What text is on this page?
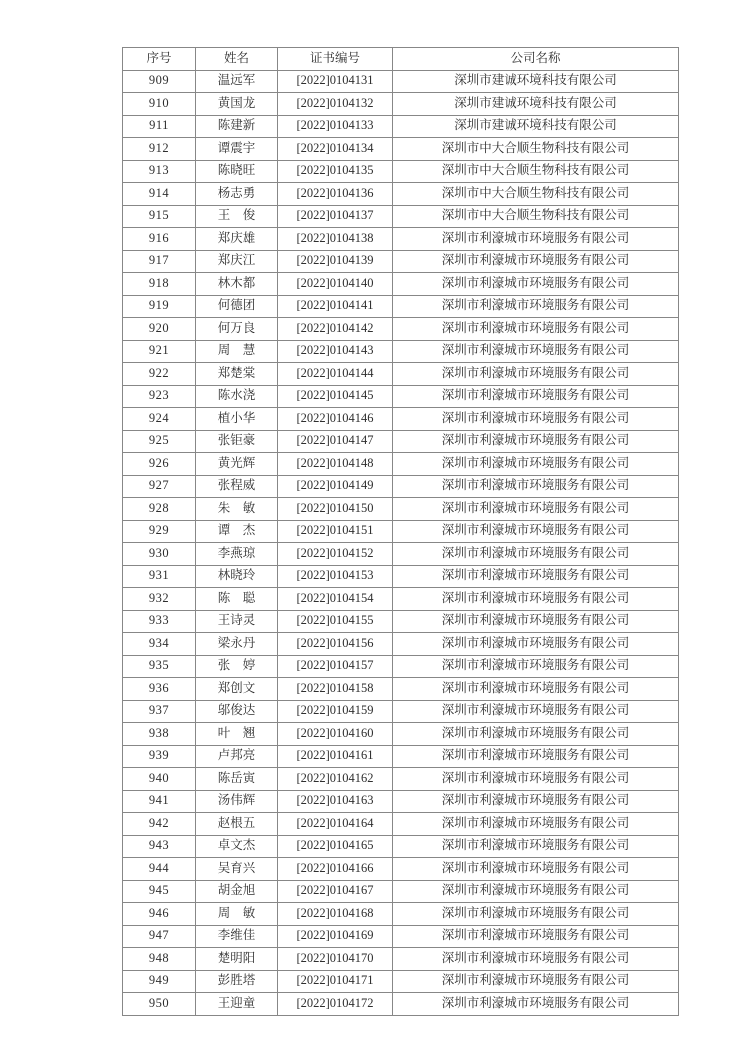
序号	姓名	证书编号	公司名称
909	温远军	[2022]0104131	深圳市建诚环境科技有限公司
910	黄国龙	[2022]0104132	深圳市建诚环境科技有限公司
911	陈建新	[2022]0104133	深圳市建诚环境科技有限公司
912	谭震宇	[2022]0104134	深圳市中大合顺生物科技有限公司
913	陈晓旺	[2022]0104135	深圳市中大合顺生物科技有限公司
914	杨志勇	[2022]0104136	深圳市中大合顺生物科技有限公司
915	王　俊	[2022]0104137	深圳市中大合顺生物科技有限公司
916	郑庆雄	[2022]0104138	深圳市利濠城市环境服务有限公司
917	郑庆江	[2022]0104139	深圳市利濠城市环境服务有限公司
918	林木都	[2022]0104140	深圳市利濠城市环境服务有限公司
919	何德团	[2022]0104141	深圳市利濠城市环境服务有限公司
920	何万良	[2022]0104142	深圳市利濠城市环境服务有限公司
921	周　慧	[2022]0104143	深圳市利濠城市环境服务有限公司
922	郑楚棠	[2022]0104144	深圳市利濠城市环境服务有限公司
923	陈水浇	[2022]0104145	深圳市利濠城市环境服务有限公司
924	植小华	[2022]0104146	深圳市利濠城市环境服务有限公司
925	张钜豪	[2022]0104147	深圳市利濠城市环境服务有限公司
926	黄光辉	[2022]0104148	深圳市利濠城市环境服务有限公司
927	张程威	[2022]0104149	深圳市利濠城市环境服务有限公司
928	朱　敏	[2022]0104150	深圳市利濠城市环境服务有限公司
929	谭　杰	[2022]0104151	深圳市利濠城市环境服务有限公司
930	李燕琼	[2022]0104152	深圳市利濠城市环境服务有限公司
931	林晓玲	[2022]0104153	深圳市利濠城市环境服务有限公司
932	陈　聪	[2022]0104154	深圳市利濠城市环境服务有限公司
933	王诗灵	[2022]0104155	深圳市利濠城市环境服务有限公司
934	梁永丹	[2022]0104156	深圳市利濠城市环境服务有限公司
935	张　婷	[2022]0104157	深圳市利濠城市环境服务有限公司
936	郑创文	[2022]0104158	深圳市利濠城市环境服务有限公司
937	邬俊达	[2022]0104159	深圳市利濠城市环境服务有限公司
938	叶　翘	[2022]0104160	深圳市利濠城市环境服务有限公司
939	卢邦亮	[2022]0104161	深圳市利濠城市环境服务有限公司
940	陈岳寅	[2022]0104162	深圳市利濠城市环境服务有限公司
941	汤伟辉	[2022]0104163	深圳市利濠城市环境服务有限公司
942	赵根五	[2022]0104164	深圳市利濠城市环境服务有限公司
943	卓文杰	[2022]0104165	深圳市利濠城市环境服务有限公司
944	吴育兴	[2022]0104166	深圳市利濠城市环境服务有限公司
945	胡金旭	[2022]0104167	深圳市利濠城市环境服务有限公司
946	周　敏	[2022]0104168	深圳市利濠城市环境服务有限公司
947	李维佳	[2022]0104169	深圳市利濠城市环境服务有限公司
948	楚明阳	[2022]0104170	深圳市利濠城市环境服务有限公司
949	彭胜塔	[2022]0104171	深圳市利濠城市环境服务有限公司
950	王迎童	[2022]0104172	深圳市利濠城市环境服务有限公司
